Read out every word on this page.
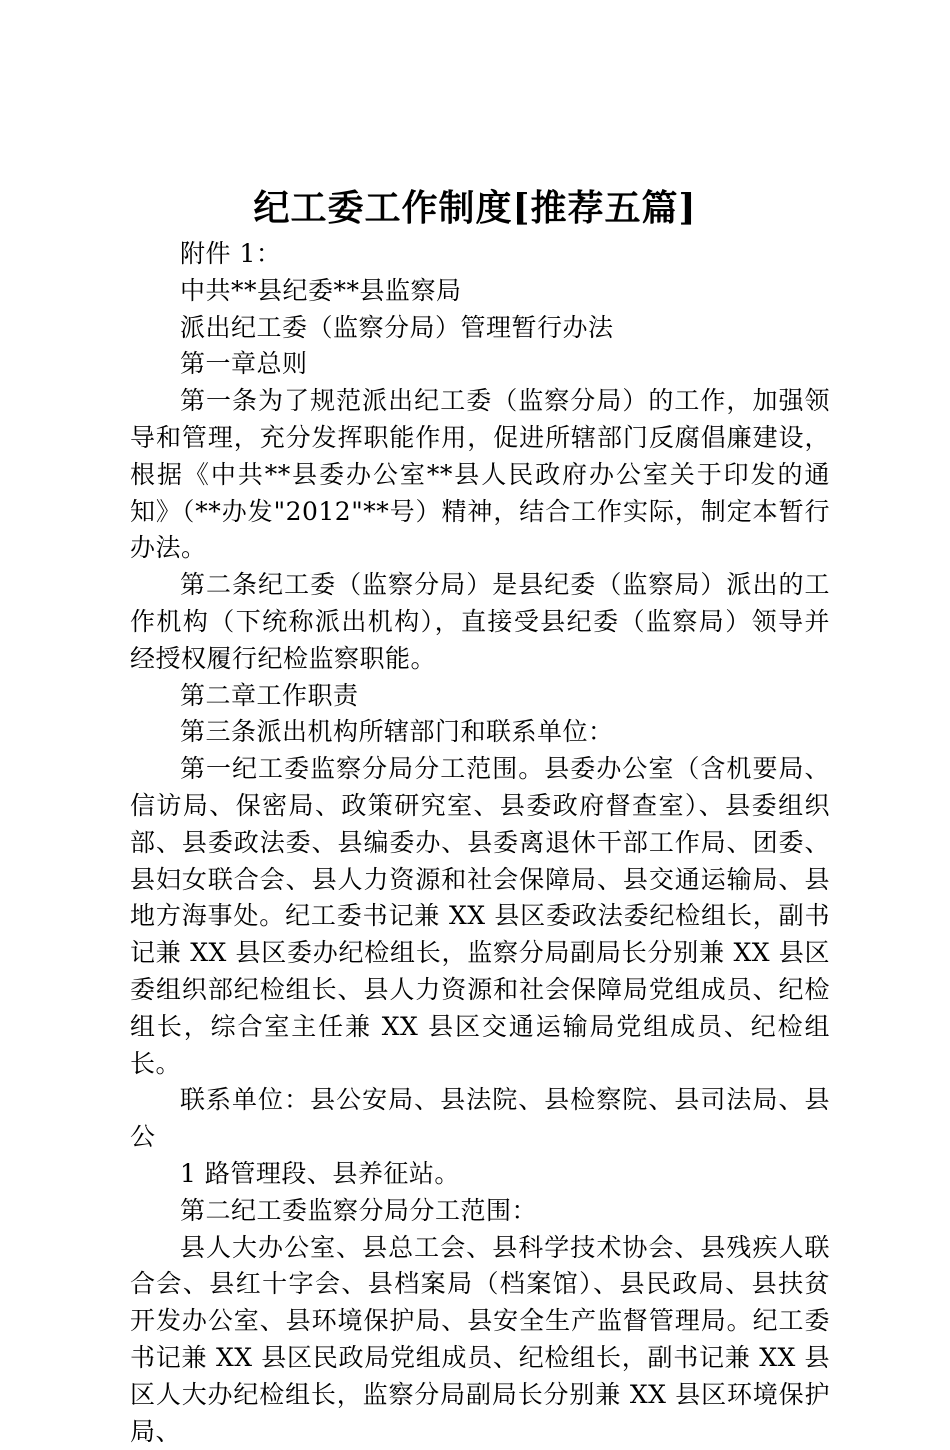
纪工委工作制度[推荐五篇]

附件 1：

中共**县纪委**县监察局

派出纪工委（监察分局）管理暂行办法

第一章总则

第一条为了规范派出纪工委（监察分局）的工作，加强领导和管理，充分发挥职能作用，促进所辖部门反腐倡廉建设，根据《中共**县委办公室**县人民政府办公室关于印发的通知》（**办发"2012"**号）精神，结合工作实际，制定本暂行办法。

第二条纪工委（监察分局）是县纪委（监察局）派出的工作机构（下统称派出机构），直接受县纪委（监察局）领导并经授权履行纪检监察职能。

第二章工作职责

第三条派出机构所辖部门和联系单位：

第一纪工委监察分局分工范围。县委办公室（含机要局、信访局、保密局、政策研究室、县委政府督查室）、县委组织部、县委政法委、县编委办、县委离退休干部工作局、团委、县妇女联合会、县人力资源和社会保障局、县交通运输局、县地方海事处。纪工委书记兼 XX 县区委政法委纪检组长，副书记兼 XX 县区委办纪检组长，监察分局副局长分别兼 XX 县区委组织部纪检组长、县人力资源和社会保障局党组成员、纪检组长，综合室主任兼 XX 县区交通运输局党组成员、纪检组长。

联系单位：县公安局、县法院、县检察院、县司法局、县公

1 路管理段、县养征站。

第二纪工委监察分局分工范围：

县人大办公室、县总工会、县科学技术协会、县残疾人联合会、县红十字会、县档案局（档案馆）、县民政局、县扶贫开发办公室、县环境保护局、县安全生产监督管理局。纪工委书记兼 XX 县区民政局党组成员、纪检组长，副书记兼 XX 县区人大办纪检组长，监察分局副局长分别兼 XX 县区环境保护局、
